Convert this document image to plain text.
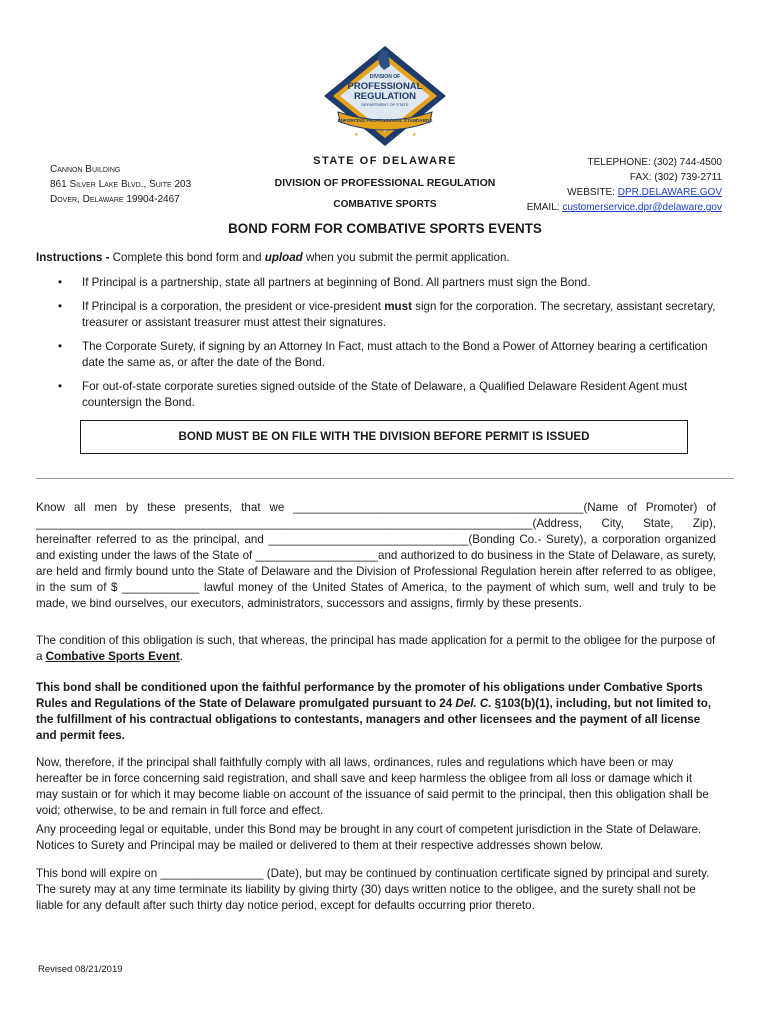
DIVISION OF
PROFESSIONAL
REGULATION
DEPARTMENT OF STATE
ENFORCING PROFESSIONAL STANDARDS
★	★
Cannon Building
861 Silver Lake Blvd., Suite 203
Dover, Delaware 19904-2467
STATE OF DELAWARE
DIVISION OF PROFESSIONAL REGULATION
COMBATIVE SPORTS
TELEPHONE: (302) 744-4500
FAX: (302) 739-2711
WEBSITE: DPR.DELAWARE.GOV
EMAIL: customerservice.dpr@delaware.gov
BOND FORM FOR COMBATIVE SPORTS EVENTS
Instructions - Complete this bond form and upload when you submit the permit application.
• If Principal is a partnership, state all partners at beginning of Bond. All partners must sign the Bond.
• If Principal is a corporation, the president or vice-president must sign for the corporation. The secretary, assistant secretary, treasurer or assistant treasurer must attest their signatures.
• The Corporate Surety, if signing by an Attorney In Fact, must attach to the Bond a Power of Attorney bearing a certification date the same as, or after the date of the Bond.
• For out-of-state corporate sureties signed outside of the State of Delaware, a Qualified Delaware Resident Agent must countersign the Bond.
BOND MUST BE ON FILE WITH THE DIVISION BEFORE PERMIT IS ISSUED
Know all men by these presents, that we _____________________________________________(Name of Promoter) of _____________________________________________________________________________(Address, City, State, Zip), hereinafter referred to as the principal, and _______________________________(Bonding Co.- Surety), a corporation organized and existing under the laws of the State of ___________________and authorized to do business in the State of Delaware, as surety, are held and firmly bound unto the State of Delaware and the Division of Professional Regulation herein after referred to as obligee, in the sum of $ ____________ lawful money of the United States of America, to the payment of which sum, well and truly to be made, we bind ourselves, our executors, administrators, successors and assigns, firmly by these presents.
The condition of this obligation is such, that whereas, the principal has made application for a permit to the obligee for the purpose of a Combative Sports Event.
This bond shall be conditioned upon the faithful performance by the promoter of his obligations under Combative Sports Rules and Regulations of the State of Delaware promulgated pursuant to 24 Del. C. §103(b)(1), including, but not limited to, the fulfillment of his contractual obligations to contestants, managers and other licensees and the payment of all license and permit fees.
Now, therefore, if the principal shall faithfully comply with all laws, ordinances, rules and regulations which have been or may hereafter be in force concerning said registration, and shall save and keep harmless the obligee from all loss or damage which it may sustain or for which it may become liable on account of the issuance of said permit to the principal, then this obligation shall be void; otherwise, to be and remain in full force and effect.
Any proceeding legal or equitable, under this Bond may be brought in any court of competent jurisdiction in the State of Delaware. Notices to Surety and Principal may be mailed or delivered to them at their respective addresses shown below.
This bond will expire on ________________ (Date), but may be continued by continuation certificate signed by principal and surety. The surety may at any time terminate its liability by giving thirty (30) days written notice to the obligee, and the surety shall not be liable for any default after such thirty day notice period, except for defaults occurring prior thereto.
Revised 08/21/2019
